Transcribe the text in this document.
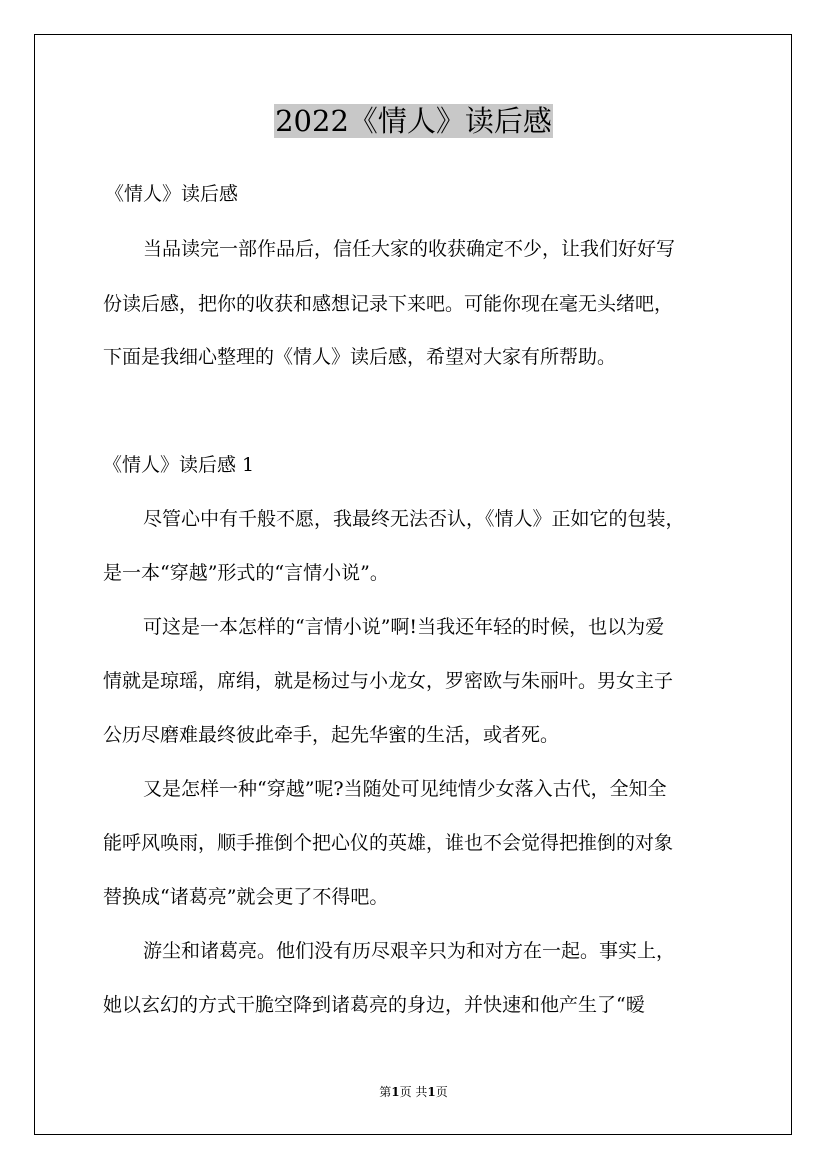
2022《情人》读后感
《情人》读后感
当品读完一部作品后，信任大家的收获确定不少，让我们好好写
份读后感，把你的收获和感想记录下来吧。可能你现在毫无头绪吧，
下面是我细心整理的《情人》读后感，希望对大家有所帮助。
《情人》读后感 1
尽管心中有千般不愿，我最终无法否认，《情人》正如它的包装，
是一本“穿越”形式的“言情小说”。
可这是一本怎样的“言情小说”啊!当我还年轻的时候，也以为爱
情就是琼瑶，席绢，就是杨过与小龙女，罗密欧与朱丽叶。男女主子
公历尽磨难最终彼此牵手，起先华蜜的生活，或者死。
又是怎样一种“穿越”呢?当随处可见纯情少女落入古代，全知全
能呼风唤雨，顺手推倒个把心仪的英雄，谁也不会觉得把推倒的对象
替换成“诸葛亮”就会更了不得吧。
游尘和诸葛亮。他们没有历尽艰辛只为和对方在一起。事实上，
她以玄幻的方式干脆空降到诸葛亮的身边，并快速和他产生了“暧
第1页 共1页
